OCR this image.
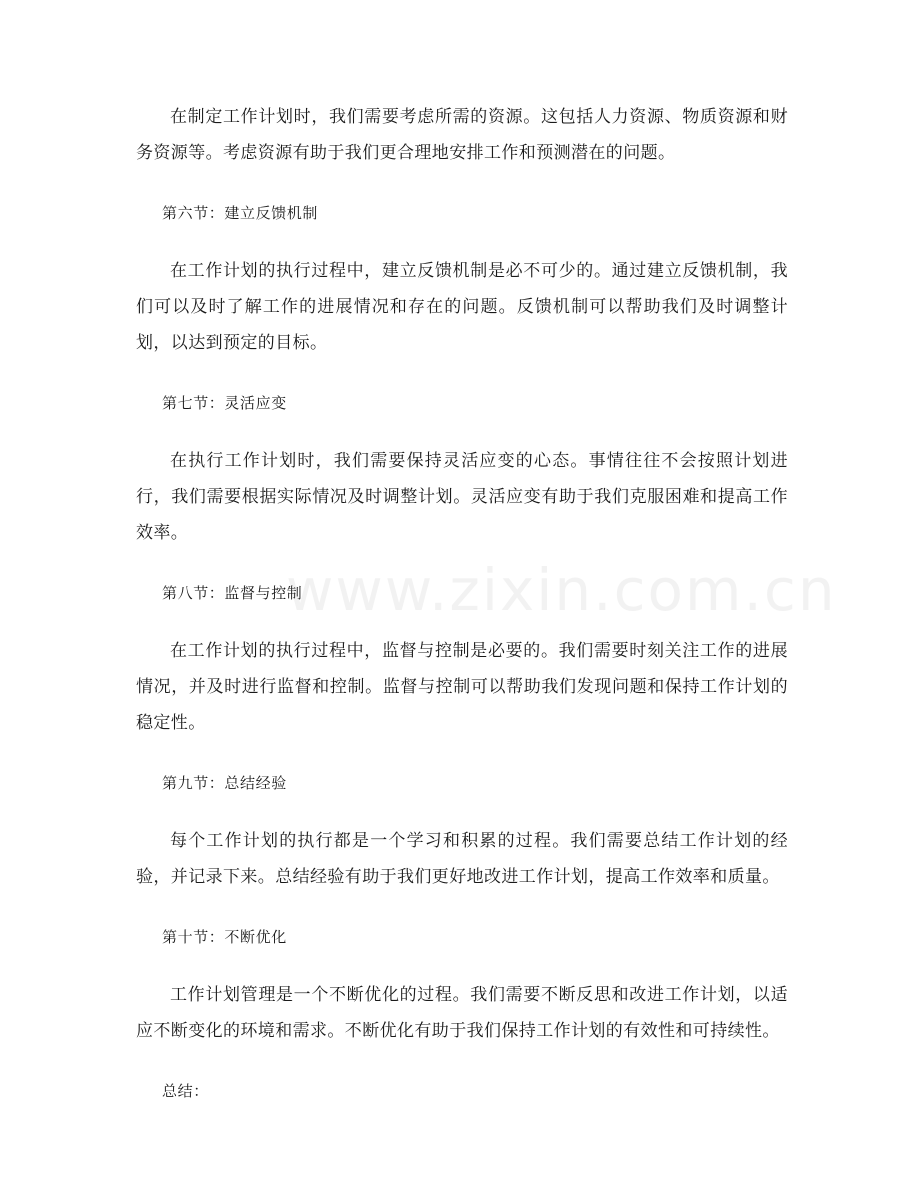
在制定工作计划时，我们需要考虑所需的资源。这包括人力资源、物质资源和财务资源等。考虑资源有助于我们更合理地安排工作和预测潜在的问题。

第六节：建立反馈机制

在工作计划的执行过程中，建立反馈机制是必不可少的。通过建立反馈机制，我们可以及时了解工作的进展情况和存在的问题。反馈机制可以帮助我们及时调整计划，以达到预定的目标。

第七节：灵活应变

在执行工作计划时，我们需要保持灵活应变的心态。事情往往不会按照计划进行，我们需要根据实际情况及时调整计划。灵活应变有助于我们克服困难和提高工作效率。

第八节：监督与控制

在工作计划的执行过程中，监督与控制是必要的。我们需要时刻关注工作的进展情况，并及时进行监督和控制。监督与控制可以帮助我们发现问题和保持工作计划的稳定性。

第九节：总结经验

每个工作计划的执行都是一个学习和积累的过程。我们需要总结工作计划的经验，并记录下来。总结经验有助于我们更好地改进工作计划，提高工作效率和质量。

第十节：不断优化

工作计划管理是一个不断优化的过程。我们需要不断反思和改进工作计划，以适应不断变化的环境和需求。不断优化有助于我们保持工作计划的有效性和可持续性。

总结：

www.zixin.com.cn
